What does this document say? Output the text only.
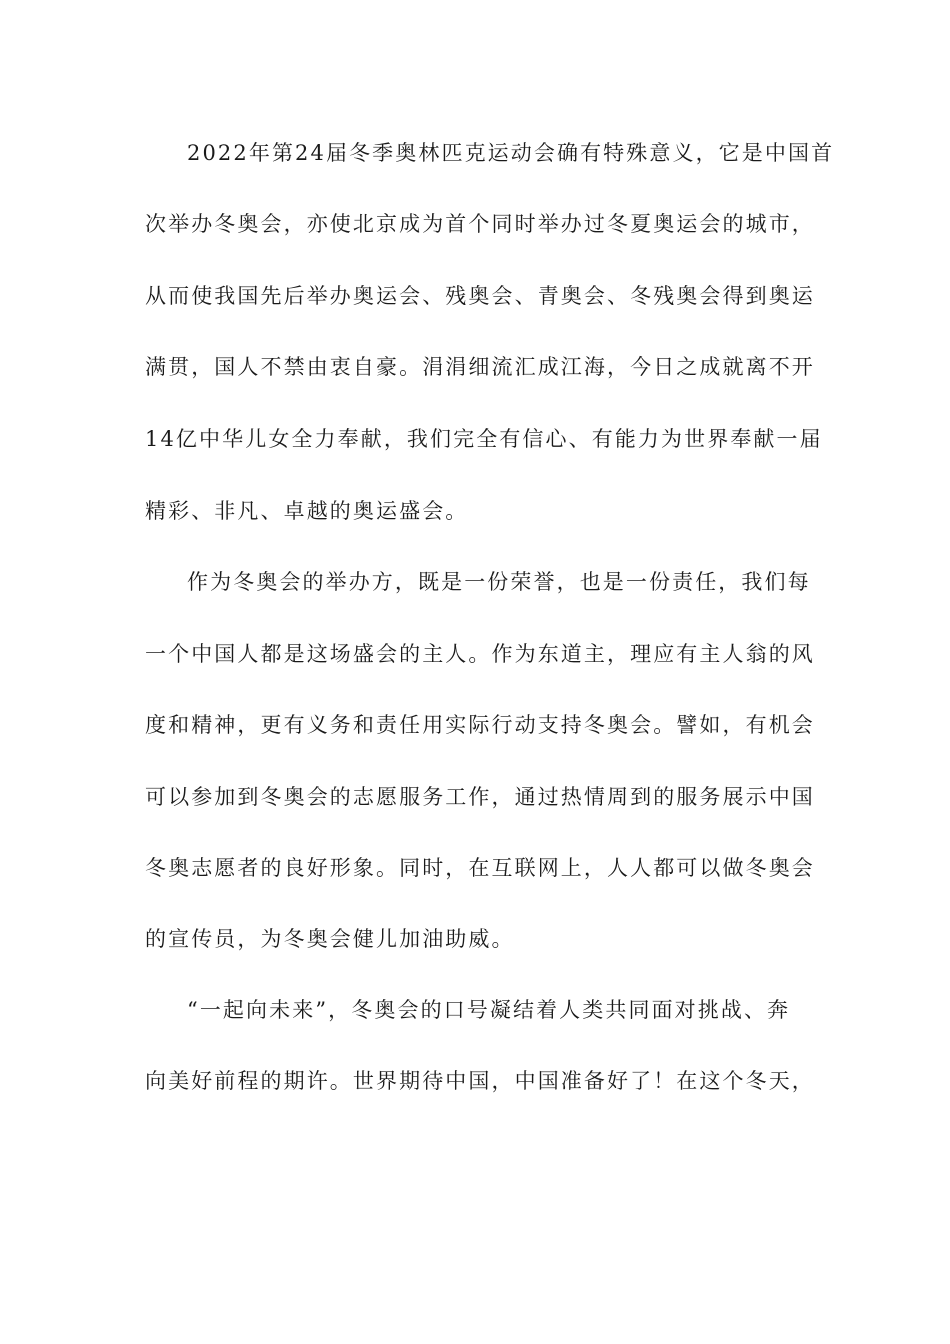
2022年第24届冬季奥林匹克运动会确有特殊意义，它是中国首
次举办冬奥会，亦使北京成为首个同时举办过冬夏奥运会的城市，
从而使我国先后举办奥运会、残奥会、青奥会、冬残奥会得到奥运
满贯，国人不禁由衷自豪。涓涓细流汇成江海，今日之成就离不开
14亿中华儿女全力奉献，我们完全有信心、有能力为世界奉献一届
精彩、非凡、卓越的奥运盛会。
作为冬奥会的举办方，既是一份荣誉，也是一份责任，我们每
一个中国人都是这场盛会的主人。作为东道主，理应有主人翁的风
度和精神，更有义务和责任用实际行动支持冬奥会。譬如，有机会
可以参加到冬奥会的志愿服务工作，通过热情周到的服务展示中国
冬奥志愿者的良好形象。同时，在互联网上，人人都可以做冬奥会
的宣传员，为冬奥会健儿加油助威。
“一起向未来”，冬奥会的口号凝结着人类共同面对挑战、奔
向美好前程的期许。世界期待中国，中国准备好了！在这个冬天，
